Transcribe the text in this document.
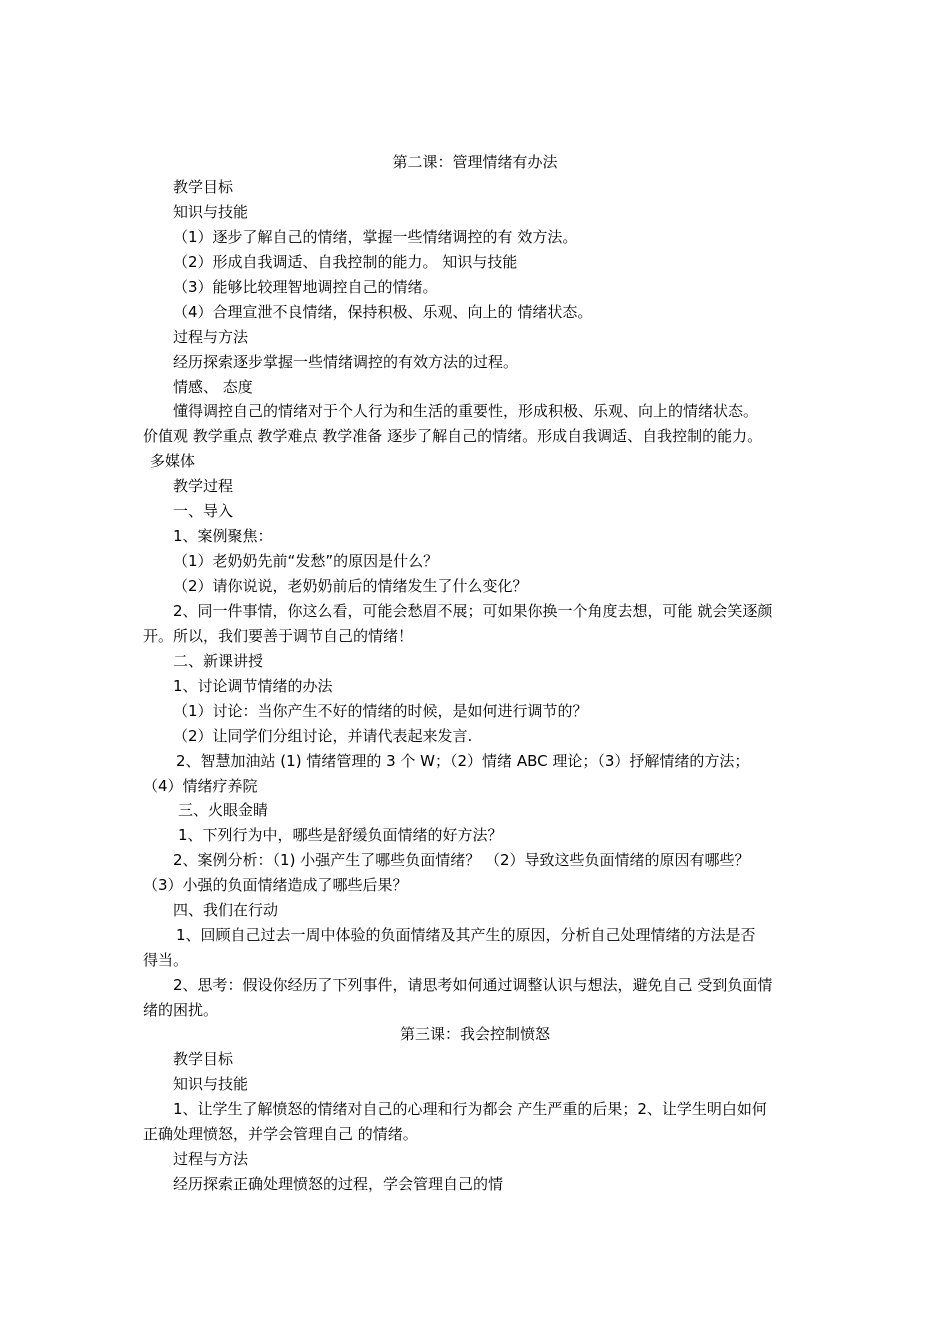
第二课：管理情绪有办法
教学目标
知识与技能
（1）逐步了解自己的情绪，掌握一些情绪调控的有 效方法。
（2）形成自我调适、自我控制的能力。 知识与技能
（3）能够比较理智地调控自己的情绪。
（4）合理宣泄不良情绪，保持积极、乐观、向上的 情绪状态。
过程与方法
经历探索逐步掌握一些情绪调控的有效方法的过程。
情感、 态度
懂得调控自己的情绪对于个人行为和生活的重要性，形成积极、乐观、向上的情绪状态。
价值观 教学重点 教学难点 教学准备 逐步了解自己的情绪。形成自我调适、自我控制的能力。
多媒体
教学过程
一、导入
1、案例聚焦：
（1）老奶奶先前“发愁”的原因是什么？
（2）请你说说，老奶奶前后的情绪发生了什么变化？
2、同一件事情，你这么看，可能会愁眉不展；可如果你换一个角度去想，可能 就会笑逐颜
开。所以，我们要善于调节自己的情绪！
二、新课讲授
1、讨论调节情绪的办法
（1）讨论：当你产生不好的情绪的时候，是如何进行调节的？
（2）让同学们分组讨论，并请代表起来发言.
2、智慧加油站 (1) 情绪管理的 3 个 W；（2）情绪 ABC 理论；（3）抒解情绪的方法；
（4）情绪疗养院
三、火眼金睛
1、下列行为中，哪些是舒缓负面情绪的好方法？
2、案例分析：（1) 小强产生了哪些负面情绪？ （2）导致这些负面情绪的原因有哪些？
（3）小强的负面情绪造成了哪些后果？
四、我们在行动
1、回顾自己过去一周中体验的负面情绪及其产生的原因，分析自己处理情绪的方法是否
得当。
2、思考：假设你经历了下列事件，请思考如何通过调整认识与想法，避免自己 受到负面情
绪的困扰。
第三课：我会控制愤怒
教学目标
知识与技能
1、让学生了解愤怒的情绪对自己的心理和行为都会 产生严重的后果；2、让学生明白如何
正确处理愤怒，并学会管理自己 的情绪。
过程与方法
经历探索正确处理愤怒的过程，学会管理自己的情
